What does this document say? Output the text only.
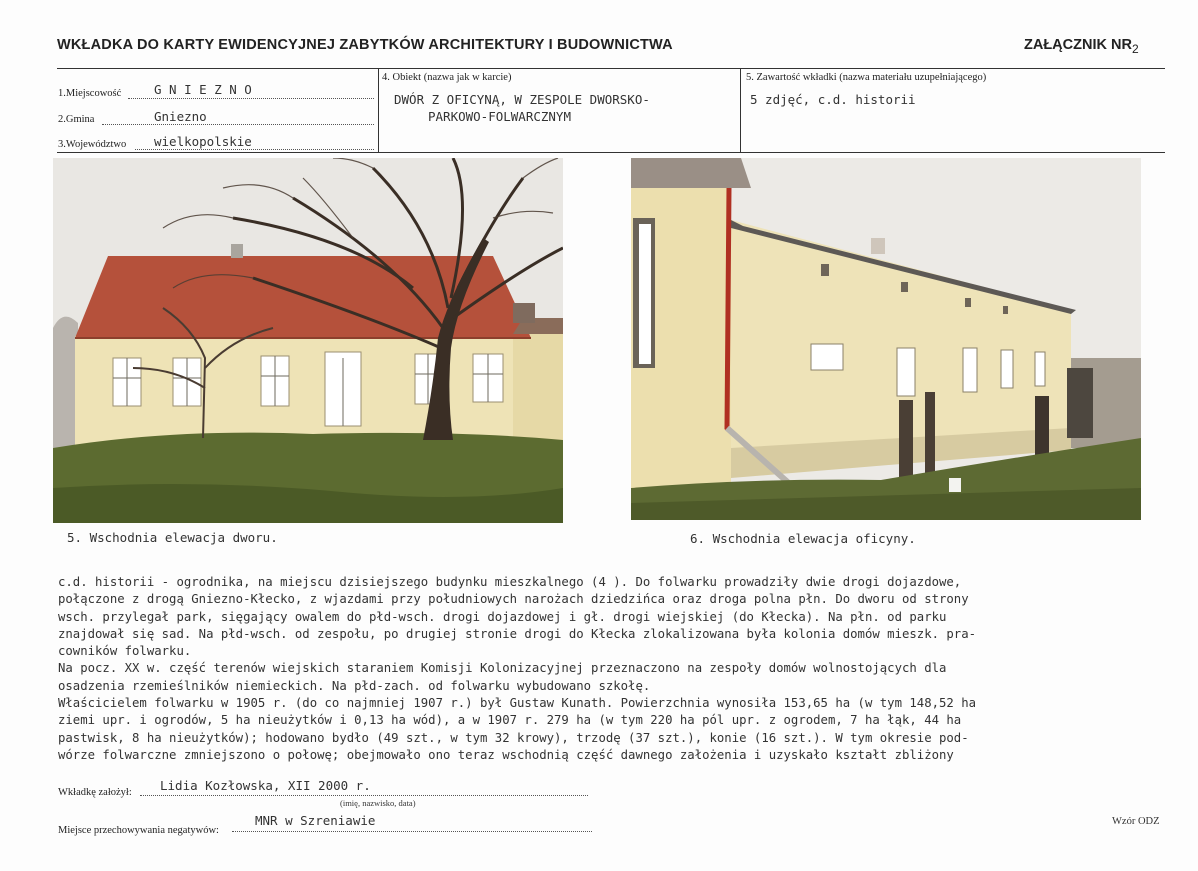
WKŁADKA DO KARTY EWIDENCYJNEJ ZABYTKÓW ARCHITEKTURY I BUDOWNICTWA	ZAŁĄCZNIK $NR_2$
1.Miejscowość	G N I E Z N O
2.Gmina	Gniezno
3.Województwo wielkopolskie
4. Obiekt (nazwa jak w karcie)
DWÓR Z OFICYNĄ, W ZESPOLE DWORSKO-
PARKOWO-FOLWARCZNYM
5. Zawartość wkładki (nazwa materiału uzupełniającego)
5 zdjęć, c.d. historii
5. Wschodnia elewacja dworu.	6. Wschodnia elewacja oficyny.
c.d. historii - ogrodnika, na miejscu dzisiejszego budynku mieszkalnego (4 ). Do folwarku prowadziły dwie drogi dojazdowe,
połączone z drogą Gniezno-Kłecko, z wjazdami przy południowych narożach dziedzińca oraz droga polna płn. Do dworu od strony
wsch. przylegał park, sięgający owalem do płd-wsch. drogi dojazdowej i gł. drogi wiejskiej (do Kłecka). Na płn. od parku
znajdował się sad. Na płd-wsch. od zespołu, po drugiej stronie drogi do Kłecka zlokalizowana była kolonia domów mieszk. pra-
cowników folwarku.
Na pocz. XX w. część terenów wiejskich staraniem Komisji Kolonizacyjnej przeznaczono na zespoły domów wolnostojących dla
osadzenia rzemieślników niemieckich. Na płd-zach. od folwarku wybudowano szkołę.
Właścicielem folwarku w 1905 r. (do co najmniej 1907 r.) był Gustaw Kunath. Powierzchnia wynosiła 153,65 ha (w tym 148,52 ha
ziemi upr. i ogrodów, 5 ha nieużytków i 0,13 ha wód), a w 1907 r. 279 ha (w tym 220 ha pól upr. z ogrodem, 7 ha łąk, 44 ha
pastwisk, 8 ha nieużytków); hodowano bydło (49 szt., w tym 32 krowy), trzodę (37 szt.), konie (16 szt.). W tym okresie pod-
wórze folwarczne zmniejszono o połowę; obejmowało ono teraz wschodnią część dawnego założenia i uzyskało kształt zbliżony
Wkładkę założył: Lidia Kozłowska, XII 2000 r.
(imię, nazwisko, data)
Miejsce przechowywania negatywów:
MNR w Szreniawie	Wzór ODZ
